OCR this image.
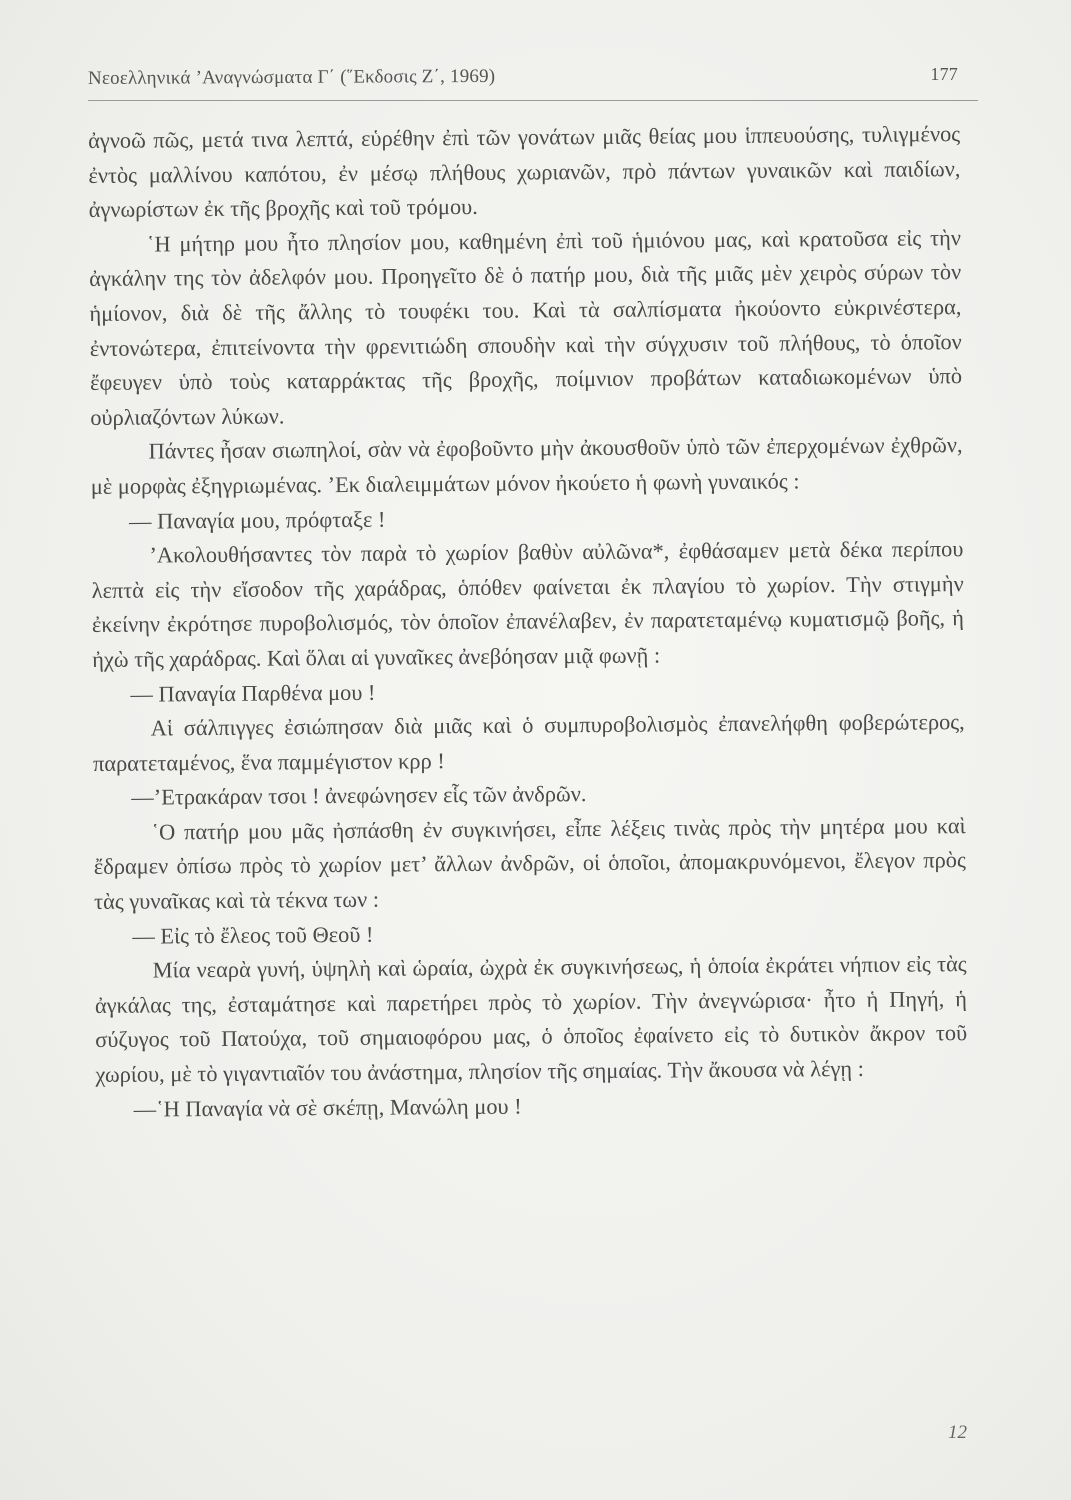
Νεοελληνικά ’Αναγνώσματα Γ΄ (῞Εκδοσις Ζ΄, 1969)	177

ἀγνοῶ πῶς, μετά τινα λεπτά, εὑρέθην ἐπὶ τῶν γονάτων μιᾶς θείας μου ἱππευούσης, τυλιγμένος ἐντὸς μαλλίνου καπότου, ἐν μέσῳ πλήθους χωριανῶν, πρὸ πάντων γυναικῶν καὶ παιδίων, ἀγνωρίστων ἐκ τῆς βροχῆς καὶ τοῦ τρόμου.

῾Η μήτηρ μου ἦτο πλησίον μου, καθημένη ἐπὶ τοῦ ἡμιόνου μας, καὶ κρατοῦσα εἰς τὴν ἀγκάλην της τὸν ἀδελφόν μου. Προηγεῖτο δὲ ὁ πατήρ μου, διὰ τῆς μιᾶς μὲν χειρὸς σύρων τὸν ἡμίονον, διὰ δὲ τῆς ἄλλης τὸ τουφέκι του. Καὶ τὰ σαλπίσματα ἠκούοντο εὐκρινέστερα, ἐντονώτερα, ἐπιτείνοντα τὴν φρενιτιώδη σπουδὴν καὶ τὴν σύγχυσιν τοῦ πλήθους, τὸ ὁποῖον ἔφευγεν ὑπὸ τοὺς καταρράκτας τῆς βροχῆς, ποίμνιον προβάτων καταδιωκομένων ὑπὸ οὐρλιαζόντων λύκων.

Πάντες ἦσαν σιωπηλοί, σὰν νὰ ἐφοβοῦντο μὴν ἀκουσθοῦν ὑπὸ τῶν ἐπερχομένων ἐχθρῶν, μὲ μορφὰς ἐξηγριωμένας. ’Εκ διαλειμμάτων μόνον ἠκούετο ἡ φωνὴ γυναικός :

— Παναγία μου, πρόφταξε !

’Ακολουθήσαντες τὸν παρὰ τὸ χωρίον βαθὺν αὐλῶνα*, ἐφθάσαμεν μετὰ δέκα περίπου λεπτὰ εἰς τὴν εἴσοδον τῆς χαράδρας, ὁπόθεν φαίνεται ἐκ πλαγίου τὸ χωρίον. Τὴν στιγμὴν ἐκείνην ἐκρότησε πυροβολισμός, τὸν ὁποῖον ἐπανέλαβεν, ἐν παρατεταμένῳ κυματισμῷ βοῆς, ἡ ἠχὼ τῆς χαράδρας. Καὶ ὅλαι αἱ γυναῖκες ἀνεβόησαν μιᾷ φωνῇ :

— Παναγία Παρθένα μου !

Αἱ σάλπιγγες ἐσιώπησαν διὰ μιᾶς καὶ ὁ συμπυροβολισμὸς ἐπανελήφθη φοβερώτερος, παρατεταμένος, ἕνα παμμέγιστον κρρ !

—’Ετρακάραν τσοι ! ἀνεφώνησεν εἷς τῶν ἀνδρῶν.

῾Ο πατήρ μου μᾶς ἠσπάσθη ἐν συγκινήσει, εἶπε λέξεις τινὰς πρὸς τὴν μητέρα μου καὶ ἔδραμεν ὀπίσω πρὸς τὸ χωρίον μετ’ ἄλλων ἀνδρῶν, οἱ ὁποῖοι, ἀπομακρυνόμενοι, ἔλεγον πρὸς τὰς γυναῖκας καὶ τὰ τέκνα των :

— Εἰς τὸ ἔλεος τοῦ Θεοῦ !

Μία νεαρὰ γυνή, ὑψηλὴ καὶ ὡραία, ὠχρὰ ἐκ συγκινήσεως, ἡ ὁποία ἐκράτει νήπιον εἰς τὰς ἀγκάλας της, ἐσταμάτησε καὶ παρετήρει πρὸς τὸ χωρίον. Τὴν ἀνεγνώρισα· ἦτο ἡ Πηγή, ἡ σύζυγος τοῦ Πατούχα, τοῦ σημαιοφόρου μας, ὁ ὁποῖος ἐφαίνετο εἰς τὸ δυτικὸν ἄκρον τοῦ χωρίου, μὲ τὸ γιγαντιαῖόν του ἀνάστημα, πλησίον τῆς σημαίας. Τὴν ἄκουσα νὰ λέγῃ :

—῾Η Παναγία νὰ σὲ σκέπῃ, Μανώλη μου !

12
